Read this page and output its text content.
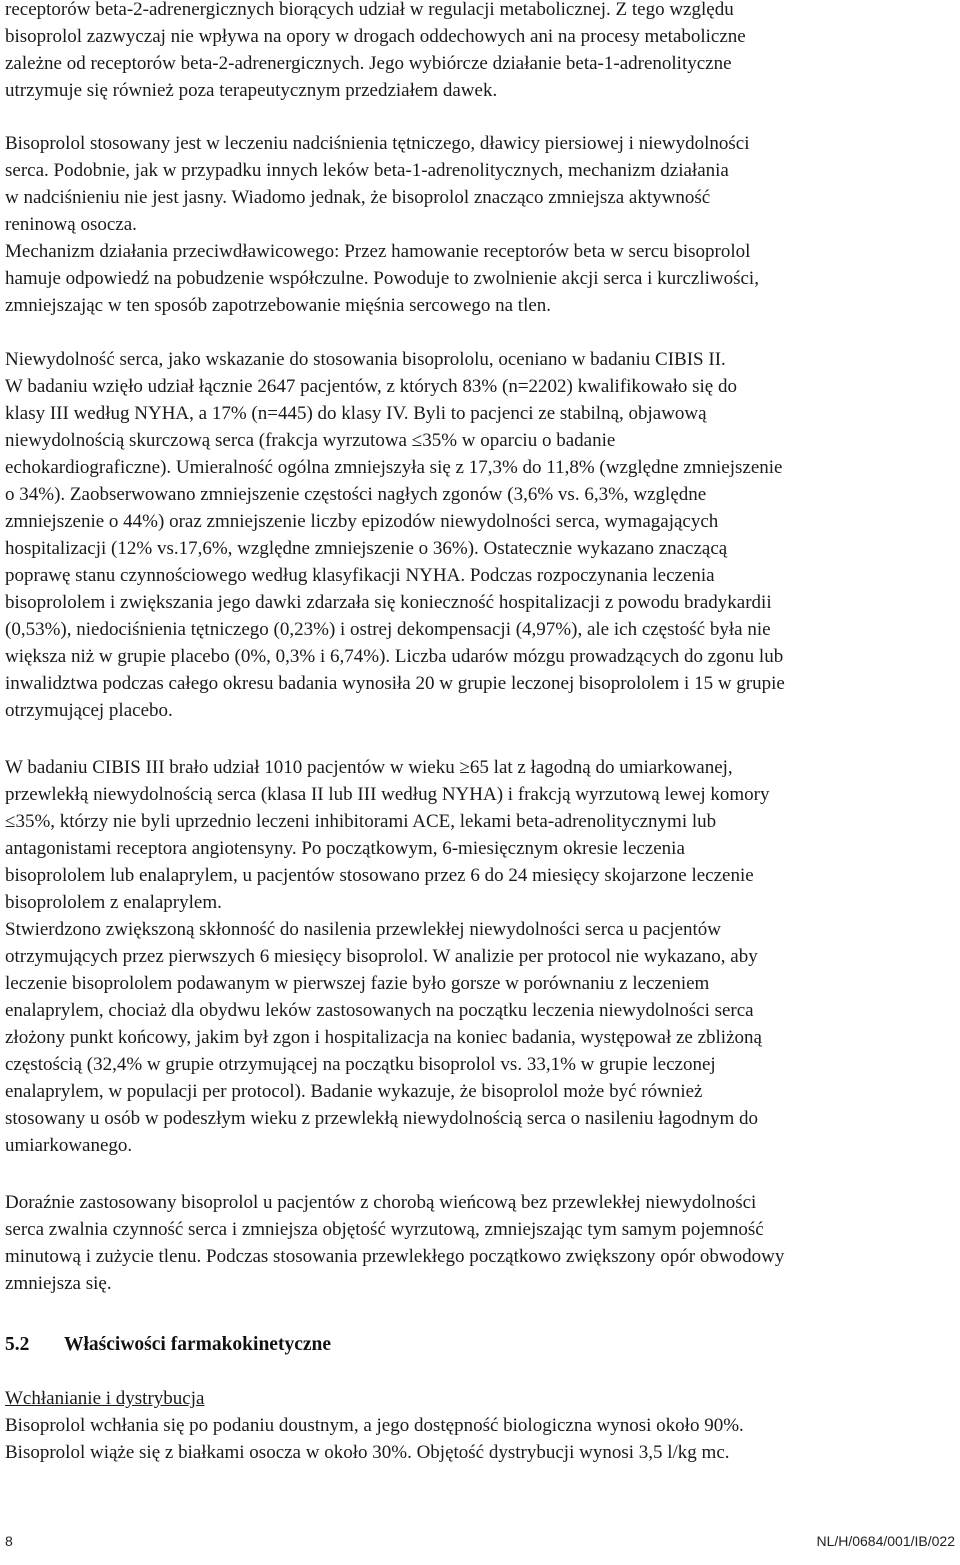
receptorów beta-2-adrenergicznych biorących udział w regulacji metabolicznej. Z tego względu
bisoprolol zazwyczaj nie wpływa na opory w drogach oddechowych ani na procesy metaboliczne
zależne od receptorów beta-2-adrenergicznych. Jego wybiórcze działanie beta-1-adrenolityczne
utrzymuje się również poza terapeutycznym przedziałem dawek.
Bisoprolol stosowany jest w leczeniu nadciśnienia tętniczego, dławicy piersiowej i niewydolności
serca. Podobnie, jak w przypadku innych leków beta-1-adrenolitycznych, mechanizm działania
w nadciśnieniu nie jest jasny. Wiadomo jednak, że bisoprolol znacząco zmniejsza aktywność
reninową osocza.
Mechanizm działania przeciwdławicowego: Przez hamowanie receptorów beta w sercu bisoprolol
hamuje odpowiedź na pobudzenie współczulne. Powoduje to zwolnienie akcji serca i kurczliwości,
zmniejszając w ten sposób zapotrzebowanie mięśnia sercowego na tlen.
Niewydolność serca, jako wskazanie do stosowania bisoprololu, oceniano w badaniu CIBIS II.
W badaniu wzięło udział łącznie 2647 pacjentów, z których 83% (n=2202) kwalifikowało się do
klasy III według NYHA, a 17% (n=445) do klasy IV. Byli to pacjenci ze stabilną, objawową
niewydolnością skurczową serca (frakcja wyrzutowa ≤35% w oparciu o badanie
echokardiograficzne). Umieralność ogólna zmniejszyła się z 17,3% do 11,8% (względne zmniejszenie
o 34%). Zaobserwowano zmniejszenie częstości nagłych zgonów (3,6% vs. 6,3%, względne
zmniejszenie o 44%) oraz zmniejszenie liczby epizodów niewydolności serca, wymagających
hospitalizacji (12% vs.17,6%, względne zmniejszenie o 36%). Ostatecznie wykazano znaczącą
poprawę stanu czynnościowego według klasyfikacji NYHA. Podczas rozpoczynania leczenia
bisoprololem i zwiększania jego dawki zdarzała się konieczność hospitalizacji z powodu bradykardii
(0,53%), niedociśnienia tętniczego (0,23%) i ostrej dekompensacji (4,97%), ale ich częstość była nie
większa niż w grupie placebo (0%, 0,3% i 6,74%). Liczba udarów mózgu prowadzących do zgonu lub
inwalidztwa podczas całego okresu badania wynosiła 20 w grupie leczonej bisoprololem i 15 w grupie
otrzymującej placebo.
W badaniu CIBIS III brało udział 1010 pacjentów w wieku ≥65 lat z łagodną do umiarkowanej,
przewlekłą niewydolnością serca (klasa II lub III według NYHA) i frakcją wyrzutową lewej komory
≤35%, którzy nie byli uprzednio leczeni inhibitorami ACE, lekami beta-adrenolitycznymi lub
antagonistami receptora angiotensyny. Po początkowym, 6-miesięcznym okresie leczenia
bisoprololem lub enalaprylem, u pacjentów stosowano przez 6 do 24 miesięcy skojarzone leczenie
bisoprololem z enalaprylem.
Stwierdzono zwiększoną skłonność do nasilenia przewlekłej niewydolności serca u pacjentów
otrzymujących przez pierwszych 6 miesięcy bisoprolol. W analizie per protocol nie wykazano, aby
leczenie bisoprololem podawanym w pierwszej fazie było gorsze w porównaniu z leczeniem
enalaprylem, chociaż dla obydwu leków zastosowanych na początku leczenia niewydolności serca
złożony punkt końcowy, jakim był zgon i hospitalizacja na koniec badania, występował ze zbliżoną
częstością (32,4% w grupie otrzymującej na początku bisoprolol vs. 33,1% w grupie leczonej
enalaprylem, w populacji per protocol). Badanie wykazuje, że bisoprolol może być również
stosowany u osób w podeszłym wieku z przewlekłą niewydolnością serca o nasileniu łagodnym do
umiarkowanego.
Doraźnie zastosowany bisoprolol u pacjentów z chorobą wieńcową bez przewlekłej niewydolności
serca zwalnia czynność serca i zmniejsza objętość wyrzutową, zmniejszając tym samym pojemność
minutową i zużycie tlenu. Podczas stosowania przewlekłego początkowo zwiększony opór obwodowy
zmniejsza się.
5.2 Właściwości farmakokinetyczne
Wchłanianie i dystrybucja
Bisoprolol wchłania się po podaniu doustnym, a jego dostępność biologiczna wynosi około 90%.
Bisoprolol wiąże się z białkami osocza w około 30%. Objętość dystrybucji wynosi 3,5 l/kg mc.
8	NL/H/0684/001/IB/022
